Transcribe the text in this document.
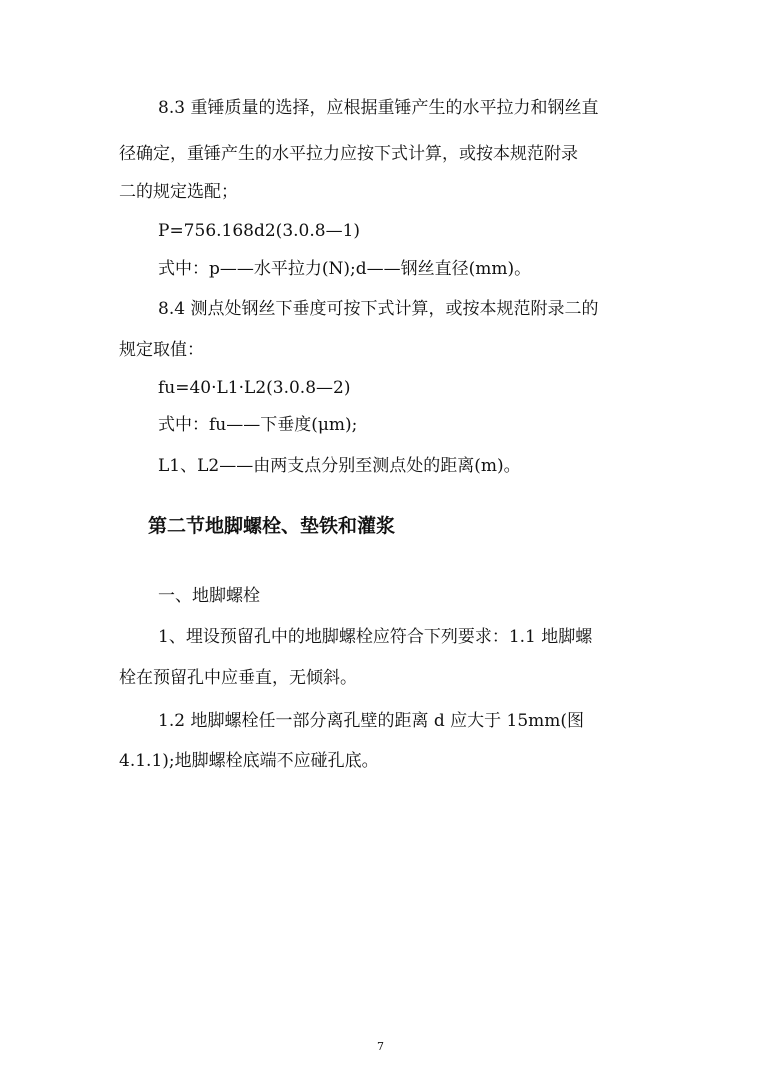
8.3 重锤质量的选择，应根据重锤产生的水平拉力和钢丝直
径确定，重锤产生的水平拉力应按下式计算，或按本规范附录
二的规定选配；
P=756.168d2(3.0.8—1)
式中：p——水平拉力(N);d——钢丝直径(mm)。
8.4 测点处钢丝下垂度可按下式计算，或按本规范附录二的
规定取值：
fu=40·L1·L2(3.0.8—2)
式中：fu——下垂度(μm);
L1、L2——由两支点分别至测点处的距离(m)。
第二节地脚螺栓、垫铁和灌浆
一、地脚螺栓
1、埋设预留孔中的地脚螺栓应符合下列要求：1.1 地脚螺
栓在预留孔中应垂直，无倾斜。
1.2 地脚螺栓任一部分离孔壁的距离 d 应大于 15mm(图
4.1.1);地脚螺栓底端不应碰孔底。
7
